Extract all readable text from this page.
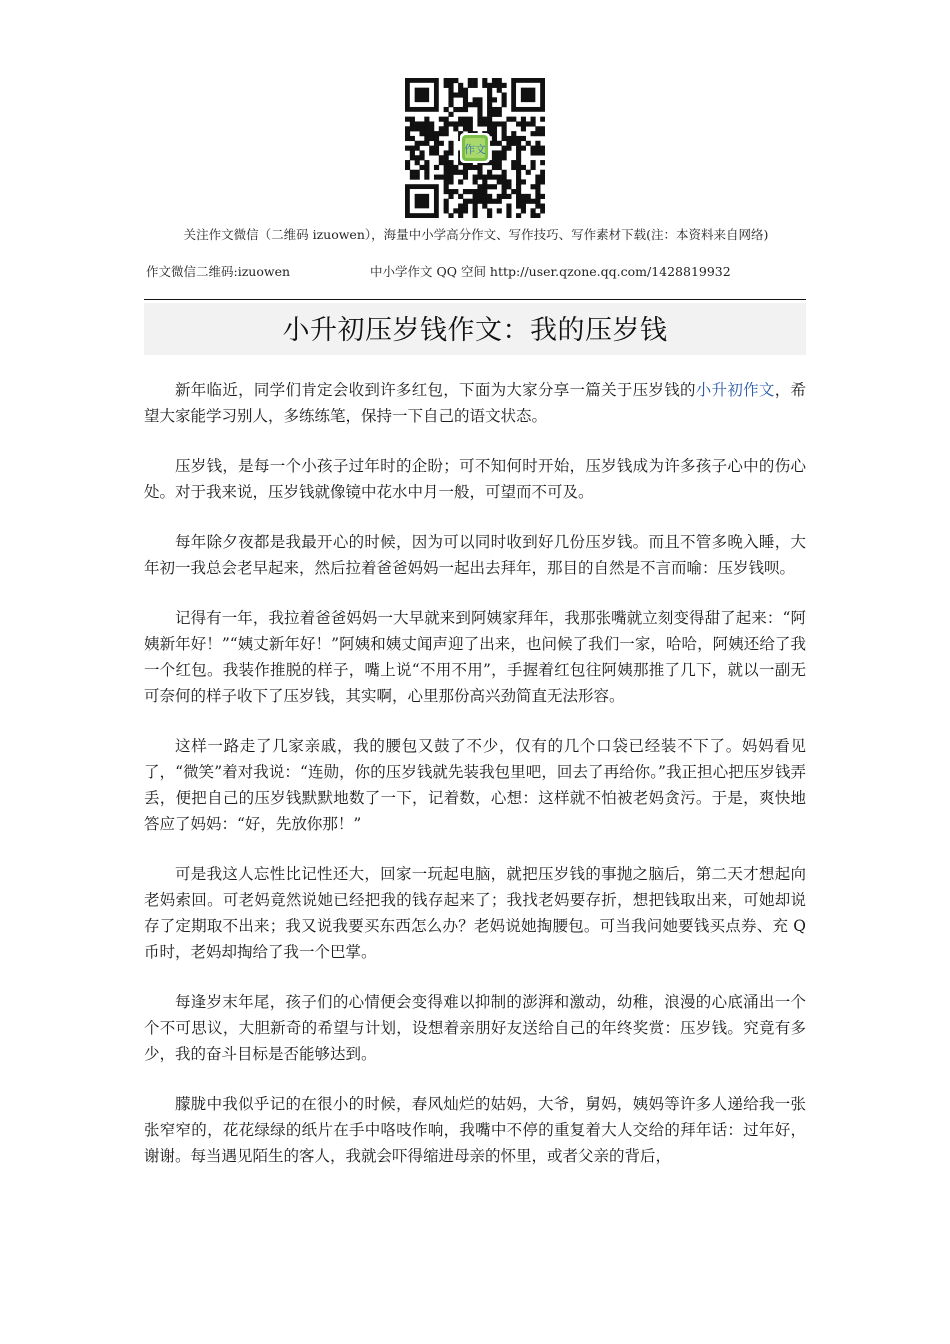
作文
关注作文微信（二维码 izuowen），海量中小学高分作文、写作技巧、写作素材下载(注：本资料来自网络)
作文微信二维码:izuowen	中小学作文 QQ 空间 http://user.qzone.qq.com/1428819932
小升初压岁钱作文：我的压岁钱

新年临近，同学们肯定会收到许多红包，下面为大家分享一篇关于压岁钱的小升初作文，希望大家能学习别人，多练练笔，保持一下自己的语文状态。

压岁钱，是每一个小孩子过年时的企盼；可不知何时开始，压岁钱成为许多孩子心中的伤心处。对于我来说，压岁钱就像镜中花水中月一般，可望而不可及。

每年除夕夜都是我最开心的时候，因为可以同时收到好几份压岁钱。而且不管多晚入睡，大年初一我总会老早起来，然后拉着爸爸妈妈一起出去拜年，那目的自然是不言而喻：压岁钱呗。

记得有一年，我拉着爸爸妈妈一大早就来到阿姨家拜年，我那张嘴就立刻变得甜了起来：“阿姨新年好！”“姨丈新年好！”阿姨和姨丈闻声迎了出来，也问候了我们一家，哈哈，阿姨还给了我一个红包。我装作推脱的样子，嘴上说“不用不用”，手握着红包往阿姨那推了几下，就以一副无可奈何的样子收下了压岁钱，其实啊，心里那份高兴劲简直无法形容。

这样一路走了几家亲戚，我的腰包又鼓了不少，仅有的几个口袋已经装不下了。妈妈看见了，“微笑”着对我说：“连勋，你的压岁钱就先装我包里吧，回去了再给你。”我正担心把压岁钱弄丢，便把自己的压岁钱默默地数了一下，记着数，心想：这样就不怕被老妈贪污。于是，爽快地答应了妈妈：“好，先放你那！”

可是我这人忘性比记性还大，回家一玩起电脑，就把压岁钱的事抛之脑后，第二天才想起向老妈索回。可老妈竟然说她已经把我的钱存起来了；我找老妈要存折，想把钱取出来，可她却说存了定期取不出来；我又说我要买东西怎么办？老妈说她掏腰包。可当我问她要钱买点券、充 Q 币时，老妈却掏给了我一个巴掌。

每逢岁末年尾，孩子们的心情便会变得难以抑制的澎湃和激动，幼稚，浪漫的心底涌出一个个不可思议，大胆新奇的希望与计划，设想着亲朋好友送给自己的年终奖赏：压岁钱。究竟有多少，我的奋斗目标是否能够达到。

朦胧中我似乎记的在很小的时候，春风灿烂的姑妈，大爷，舅妈，姨妈等许多人递给我一张张窄窄的，花花绿绿的纸片在手中咯吱作响，我嘴中不停的重复着大人交给的拜年话：过年好，谢谢。每当遇见陌生的客人，我就会吓得缩进母亲的怀里，或者父亲的背后，
